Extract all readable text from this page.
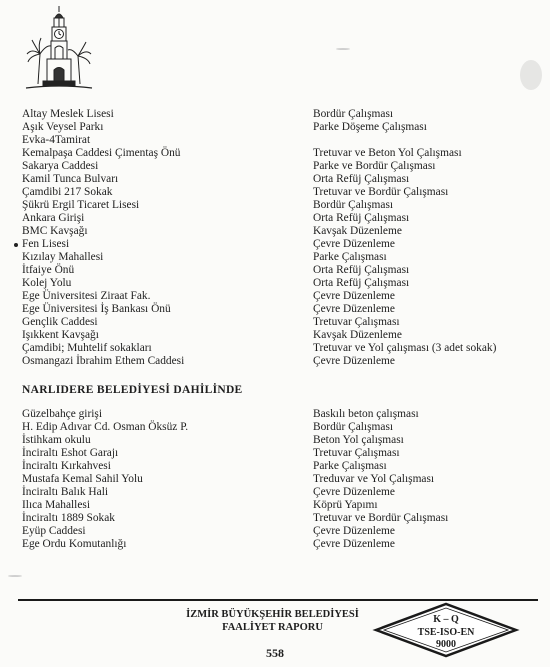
Altay Meslek Lisesi	Bordür Çalışması
Aşık Veysel Parkı	Parke Döşeme Çalışması
Evka-4Tamirat
Kemalpaşa Caddesi Çimentaş Önü	Tretuvar ve Beton Yol Çalışması
Sakarya Caddesi	Parke ve Bordür Çalışması
Kamil Tunca Bulvarı	Orta Refüj Çalışması
Çamdibi 217 Sokak	Tretuvar ve Bordür Çalışması
Şükrü Ergil Ticaret Lisesi	Bordür Çalışması
Ankara Girişi	Orta Refüj Çalışması
BMC Kavşağı	Kavşak Düzenleme
Fen Lisesi	Çevre Düzenleme
Kızılay Mahallesi	Parke Çalışması
İtfaiye Önü	Orta Refüj Çalışması
Kolej Yolu	Orta Refüj Çalışması
Ege Üniversitesi Ziraat Fak.	Çevre Düzenleme
Ege Üniversitesi İş Bankası Önü	Çevre Düzenleme
Gençlik Caddesi	Tretuvar Çalışması
Işıkkent Kavşağı	Kavşak Düzenleme
Çamdibi; Muhtelif sokakları	Tretuvar ve Yol çalışması (3 adet sokak)
Osmangazi İbrahim Ethem Caddesi	Çevre Düzenleme
NARLIDERE BELEDİYESİ DAHİLİNDE
Güzelbahçe girişi	Baskılı beton çalışması
H. Edip Adıvar Cd. Osman Öksüz P.	Bordür Çalışması
İstihkam okulu	Beton Yol çalışması
İnciraltı Eshot Garajı	Tretuvar Çalışması
İnciraltı Kırkahvesi	Parke Çalışması
Mustafa Kemal Sahil Yolu	Treduvar ve Yol Çalışması
İnciraltı Balık Hali	Çevre Düzenleme
Ilıca Mahallesi	Köprü Yapımı
İnciraltı 1889 Sokak	Tretuvar ve Bordür Çalışması
Eyüp Caddesi	Çevre Düzenleme
Ege Ordu Komutanlığı	Çevre Düzenleme
İZMİR BÜYÜKŞEHİR BELEDİYESİ
FAALİYET RAPORU
K – Q
TSE-ISO-EN
9000
558
